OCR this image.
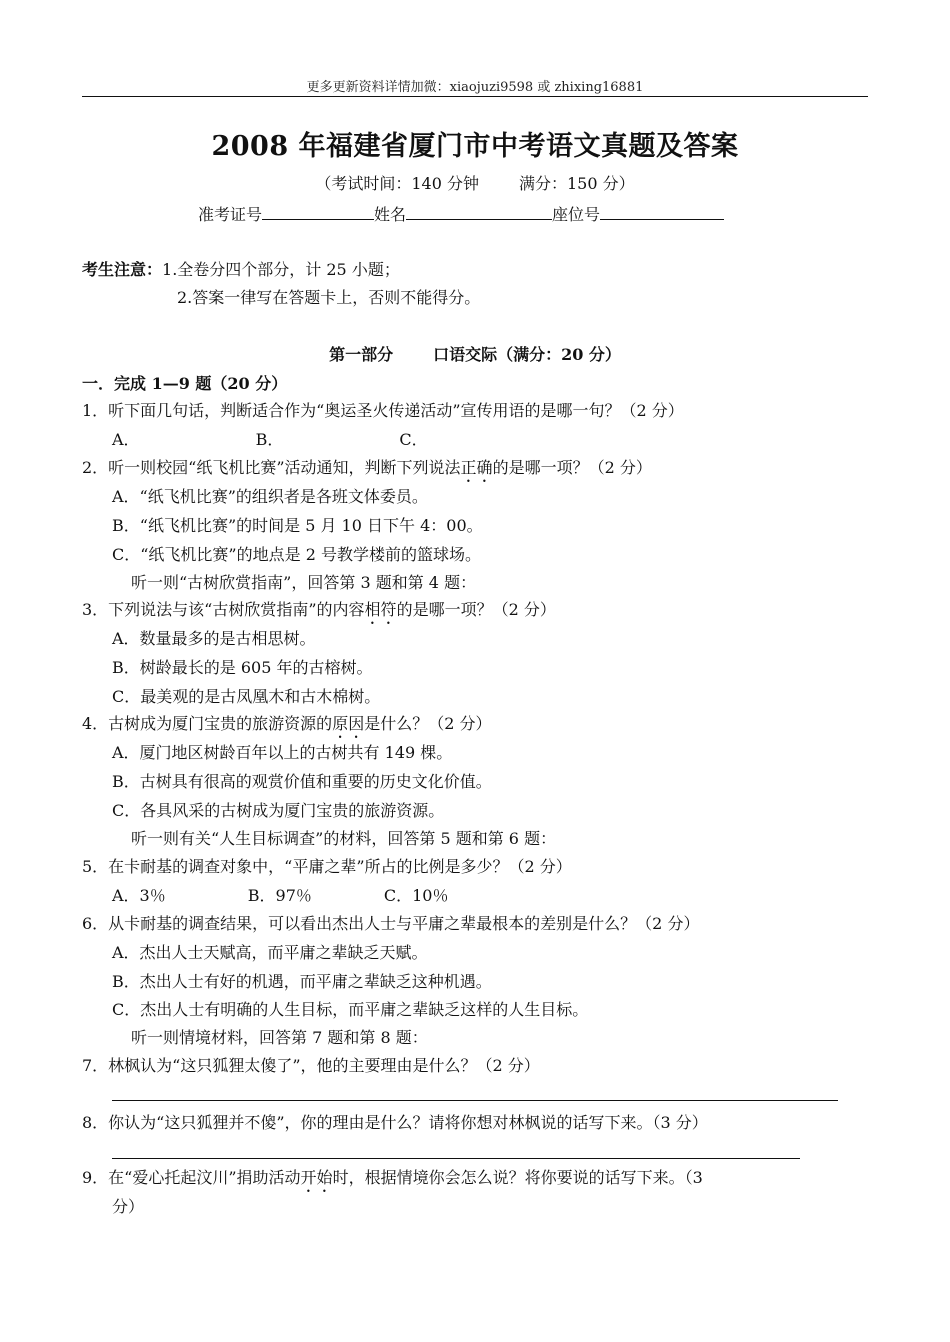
更多更新资料详情加微：xiaojuzi9598 或 zhixing16881
2008 年福建省厦门市中考语文真题及答案
（考试时间：140 分钟	满分：150 分）
准考证号	姓名	座位号
考生注意：1.全卷分四个部分，计 25 小题；
2.答案一律写在答题卡上，否则不能得分。
第一部分	口语交际（满分：20 分）
一．完成 1—9 题（20 分）
1．听下面几句话，判断适合作为“奥运圣火传递活动”宣传用语的是哪一句？（2 分）
A．	B．	C．
2．听一则校园“纸飞机比赛”活动通知，判断下列说法正确的是哪一项？（2 分）
A．“纸飞机比赛”的组织者是各班文体委员。
B．“纸飞机比赛”的时间是 5 月 10 日下午 4：00。
C．“纸飞机比赛”的地点是 2 号教学楼前的篮球场。
听一则“古树欣赏指南”，回答第 3 题和第 4 题：
3．下列说法与该“古树欣赏指南”的内容相符的是哪一项？（2 分）
A．数量最多的是古相思树。
B．树龄最长的是 605 年的古榕树。
C．最美观的是古凤凰木和古木棉树。
4．古树成为厦门宝贵的旅游资源的原因是什么？（2 分）
A．厦门地区树龄百年以上的古树共有 149 棵。
B．古树具有很高的观赏价值和重要的历史文化价值。
C．各具风采的古树成为厦门宝贵的旅游资源。
听一则有关“人生目标调查”的材料，回答第 5 题和第 6 题：
5．在卡耐基的调查对象中，“平庸之辈”所占的比例是多少？（2 分）
A．3％	B．97％	C．10％
6．从卡耐基的调查结果，可以看出杰出人士与平庸之辈最根本的差别是什么？（2 分）
A．杰出人士天赋高，而平庸之辈缺乏天赋。
B．杰出人士有好的机遇，而平庸之辈缺乏这种机遇。
C．杰出人士有明确的人生目标，而平庸之辈缺乏这样的人生目标。
听一则情境材料，回答第 7 题和第 8 题：
7．林枫认为“这只狐狸太傻了”，他的主要理由是什么？（2 分）
8．你认为“这只狐狸并不傻”，你的理由是什么？请将你想对林枫说的话写下来。（3 分）
9．在“爱心托起汶川”捐助活动开始时，根据情境你会怎么说？将你要说的话写下来。（3
分）
